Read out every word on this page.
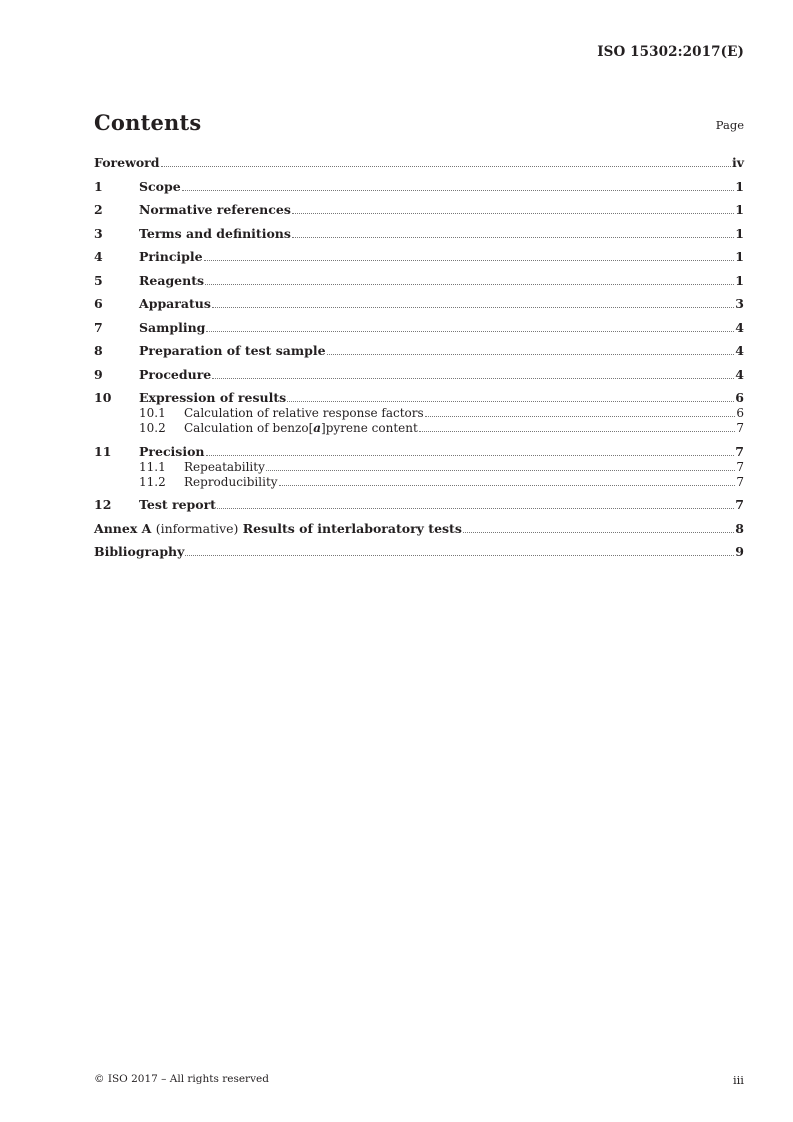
ISO 15302:2017(E)
Contents	Page
Foreword	iv
1	Scope	1
2	Normative references	1
3	Terms and definitions	1
4	Principle	1
5	Reagents	1
6	Apparatus	3
7	Sampling	4
8	Preparation of test sample	4
9	Procedure	4
10	Expression of results	6
10.1	Calculation of relative response factors	6
10.2	Calculation of benzo[a]pyrene content	7
11	Precision	7
11.1	Repeatability	7
11.2	Reproducibility	7
12	Test report	7
Annex A (informative) Results of interlaboratory tests	8
Bibliography	9
© ISO 2017 – All rights reserved	iii
